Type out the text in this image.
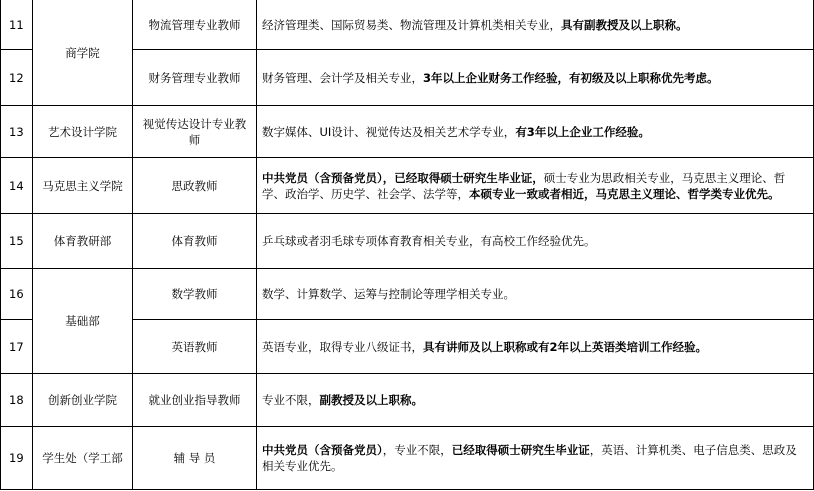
11	商学院	物流管理专业教师	经济管理类、国际贸易类、物流管理及计算机类相关专业，具有副教授及以上职称。
12		财务管理专业教师	财务管理、会计学及相关专业，3年以上企业财务工作经验，有初级及以上职称优先考虑。
13	艺术设计学院	视觉传达设计专业教师	数字媒体、UI设计、视觉传达及相关艺术学专业，有3年以上企业工作经验。
14	马克思主义学院	思政教师	中共党员（含预备党员），已经取得硕士研究生毕业证，硕士专业为思政相关专业，马克思主义理论、哲学、政治学、历史学、社会学、法学等，本硕专业一致或者相近，马克思主义理论、哲学类专业优先。
15	体育教研部	体育教师	乒乓球或者羽毛球专项体育教育相关专业，有高校工作经验优先。
16	基础部	数学教师	数学、计算数学、运筹与控制论等理学相关专业。
17		英语教师	英语专业，取得专业八级证书，具有讲师及以上职称或有2年以上英语类培训工作经验。
18	创新创业学院	就业创业指导教师	专业不限，副教授及以上职称。
19	学生处（学工部	辅 导 员	中共党员（含预备党员），专业不限，已经取得硕士研究生毕业证，英语、计算机类、电子信息类、思政及相关专业优先。
